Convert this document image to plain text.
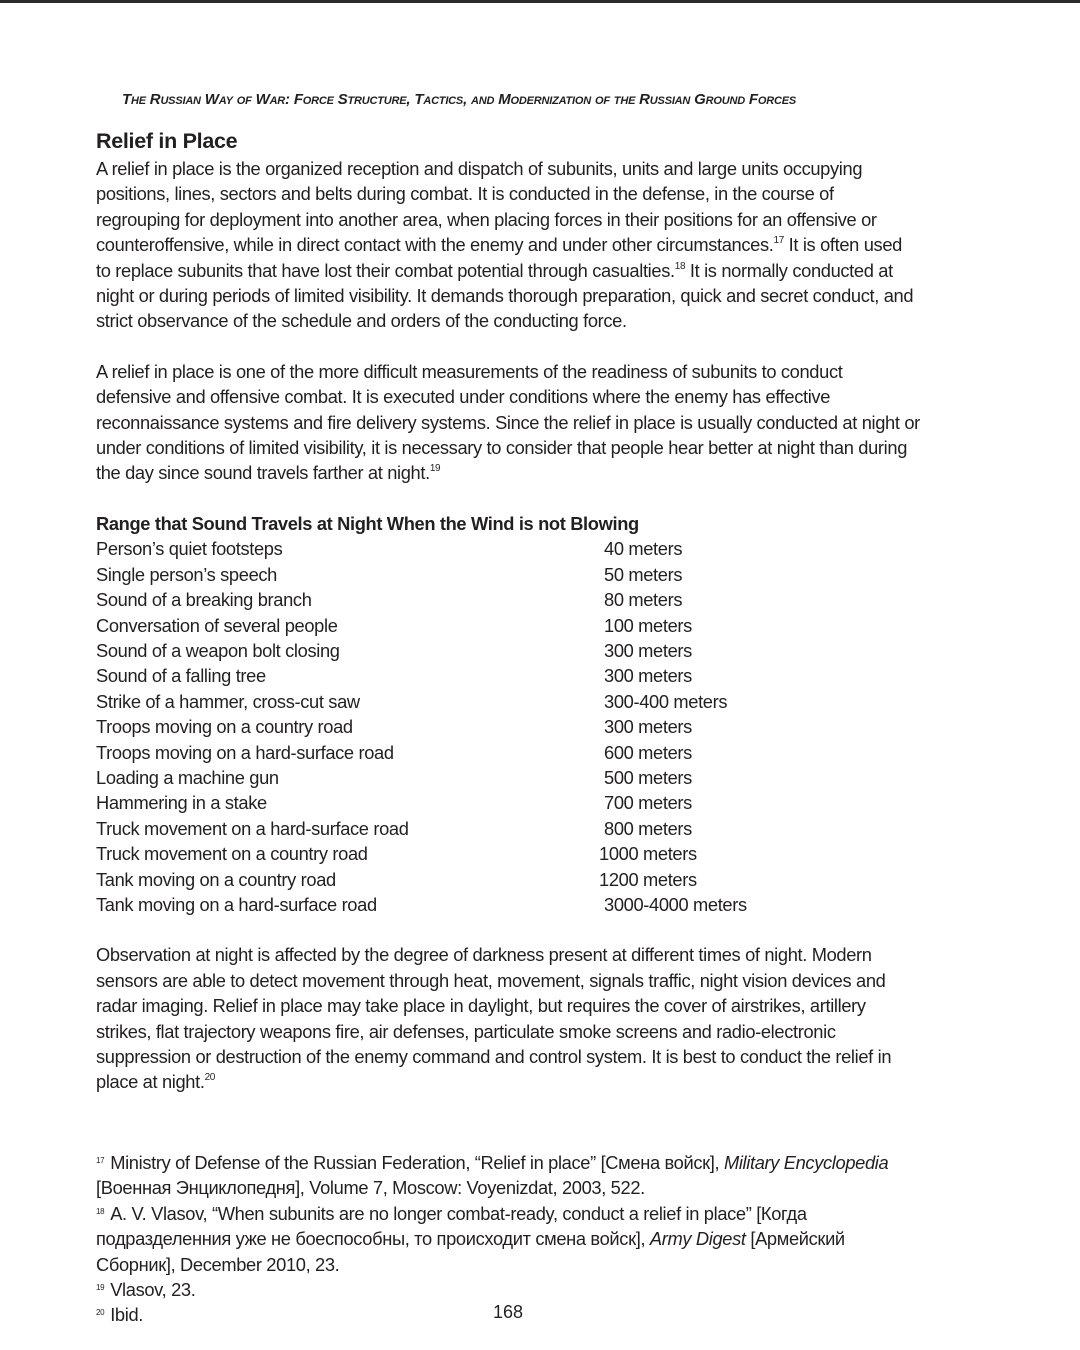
The Russian Way of War: Force Structure, Tactics, and Modernization of the Russian Ground Forces
Relief in Place

A relief in place is the organized reception and dispatch of subunits, units and large units occupying positions, lines, sectors and belts during combat. It is conducted in the defense, in the course of regrouping for deployment into another area, when placing forces in their positions for an offensive or counteroffensive, while in direct contact with the enemy and under other circumstances.$^{17}$ It is often used to replace subunits that have lost their combat potential through casualties.$^{18}$ It is normally conducted at night or during periods of limited visibility. It demands thorough preparation, quick and secret conduct, and strict observance of the schedule and orders of the conducting force.

A relief in place is one of the more difficult measurements of the readiness of subunits to conduct defensive and offensive combat. It is executed under conditions where the enemy has effective reconnaissance systems and fire delivery systems. Since the relief in place is usually conducted at night or under conditions of limited visibility, it is necessary to consider that people hear better at night than during the day since sound travels farther at night.$^{19}$

Range that Sound Travels at Night When the Wind is not Blowing
Person’s quiet footsteps	40 meters
Single person’s speech	50 meters
Sound of a breaking branch	80 meters
Conversation of several people	100 meters
Sound of a weapon bolt closing	300 meters
Sound of a falling tree	300 meters
Strike of a hammer, cross-cut saw	300-400 meters
Troops moving on a country road	300 meters
Troops moving on a hard-surface road	600 meters
Loading a machine gun	500 meters
Hammering in a stake	700 meters
Truck movement on a hard-surface road	800 meters
Truck movement on a country road	1000 meters
Tank moving on a country road	1200 meters
Tank moving on a hard-surface road	3000-4000 meters

Observation at night is affected by the degree of darkness present at different times of night. Modern sensors are able to detect movement through heat, movement, signals traffic, night vision devices and radar imaging. Relief in place may take place in daylight, but requires the cover of airstrikes, artillery strikes, flat trajectory weapons fire, air defenses, particulate smoke screens and radio-electronic suppression or destruction of the enemy command and control system. It is best to conduct the relief in place at night.$^{20}$

$^{17}$ Ministry of Defense of the Russian Federation, “Relief in place” [Смена войск], Military Encyclopedia [Военная Энциклопедня], Volume 7, Moscow: Voyenizdat, 2003, 522.

$^{18}$ A. V. Vlasov, “When subunits are no longer combat-ready, conduct a relief in place” [Когда подразделенния уже не боеспособны, то происходит смена войск], Army Digest [Армейский Сборник], December 2010, 23.

$^{19}$ Vlasov, 23.

$^{20}$ Ibid.	168
